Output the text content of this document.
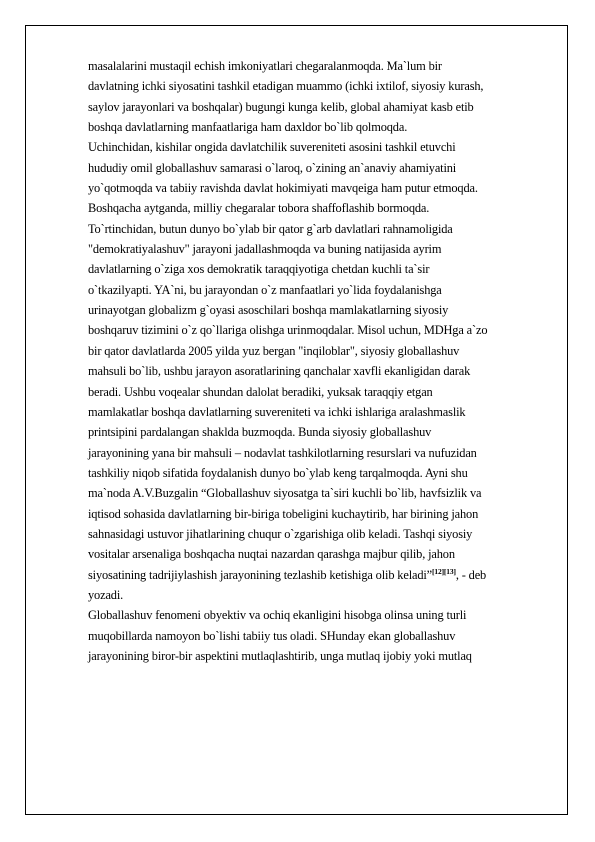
masalalarini mustaqil echish imkoniyatlari chegaralanmoqda. Ma`lum bir
davlatning ichki siyosatini tashkil etadigan muammo (ichki ixtilof, siyosiy kurash,
saylov jarayonlari va boshqalar) bugungi kunga kelib, global ahamiyat kasb etib
boshqa davlatlarning manfaatlariga ham daxldor bo`lib qolmoqda.
Uchinchidan, kishilar ongida davlatchilik suvereniteti asosini tashkil etuvchi
hududiy omil globallashuv samarasi o`laroq, o`zining an`anaviy ahamiyatini
yo`qotmoqda va tabiiy ravishda davlat hokimiyati mavqeiga ham putur etmoqda.
Boshqacha aytganda, milliy chegaralar tobora shaffoflashib bormoqda.
To`rtinchidan, butun dunyo bo`ylab bir qator g`arb davlatlari rahnamoligida
"demokratiyalashuv" jarayoni jadallashmoqda va buning natijasida ayrim
davlatlarning o`ziga xos demokratik taraqqiyotiga chetdan kuchli ta`sir
o`tkazilyapti. YA`ni, bu jarayondan o`z manfaatlari yo`lida foydalanishga
urinayotgan globalizm g`oyasi asoschilari boshqa mamlakatlarning siyosiy
boshqaruv tizimini o`z qo`llariga olishga urinmoqdalar. Misol uchun, MDHga a`zo
bir qator davlatlarda 2005 yilda yuz bergan "inqiloblar", siyosiy globallashuv
mahsuli bo`lib, ushbu jarayon asoratlarining qanchalar xavfli ekanligidan darak
beradi. Ushbu voqealar shundan dalolat beradiki, yuksak taraqqiy etgan
mamlakatlar boshqa davlatlarning suvereniteti va ichki ishlariga aralashmaslik
printsipini pardalangan shaklda buzmoqda. Bunda siyosiy globallashuv
jarayonining yana bir mahsuli – nodavlat tashkilotlarning resurslari va nufuzidan
tashkiliy niqob sifatida foydalanish dunyo bo`ylab keng tarqalmoqda. Ayni shu
ma`noda A.V.Buzgalin “Globallashuv siyosatga ta`siri kuchli bo`lib, havfsizlik va
iqtisod sohasida davlatlarning bir-biriga tobeligini kuchaytirib, har birining jahon
sahnasidagi ustuvor jihatlarining chuqur o`zgarishiga olib keladi. Tashqi siyosiy
vositalar arsenaliga boshqacha nuqtai nazardan qarashga majbur qilib, jahon
siyosatining tadrijiylashish jarayonining tezlashib ketishiga olib keladi”[12][13], - deb
yozadi.
Globallashuv fenomeni obyektiv va ochiq ekanligini hisobga olinsa uning turli
muqobillarda namoyon bo`lishi tabiiy tus oladi. SHunday ekan globallashuv
jarayonining biror-bir aspektini mutlaqlashtirib, unga mutlaq ijobiy yoki mutlaq
